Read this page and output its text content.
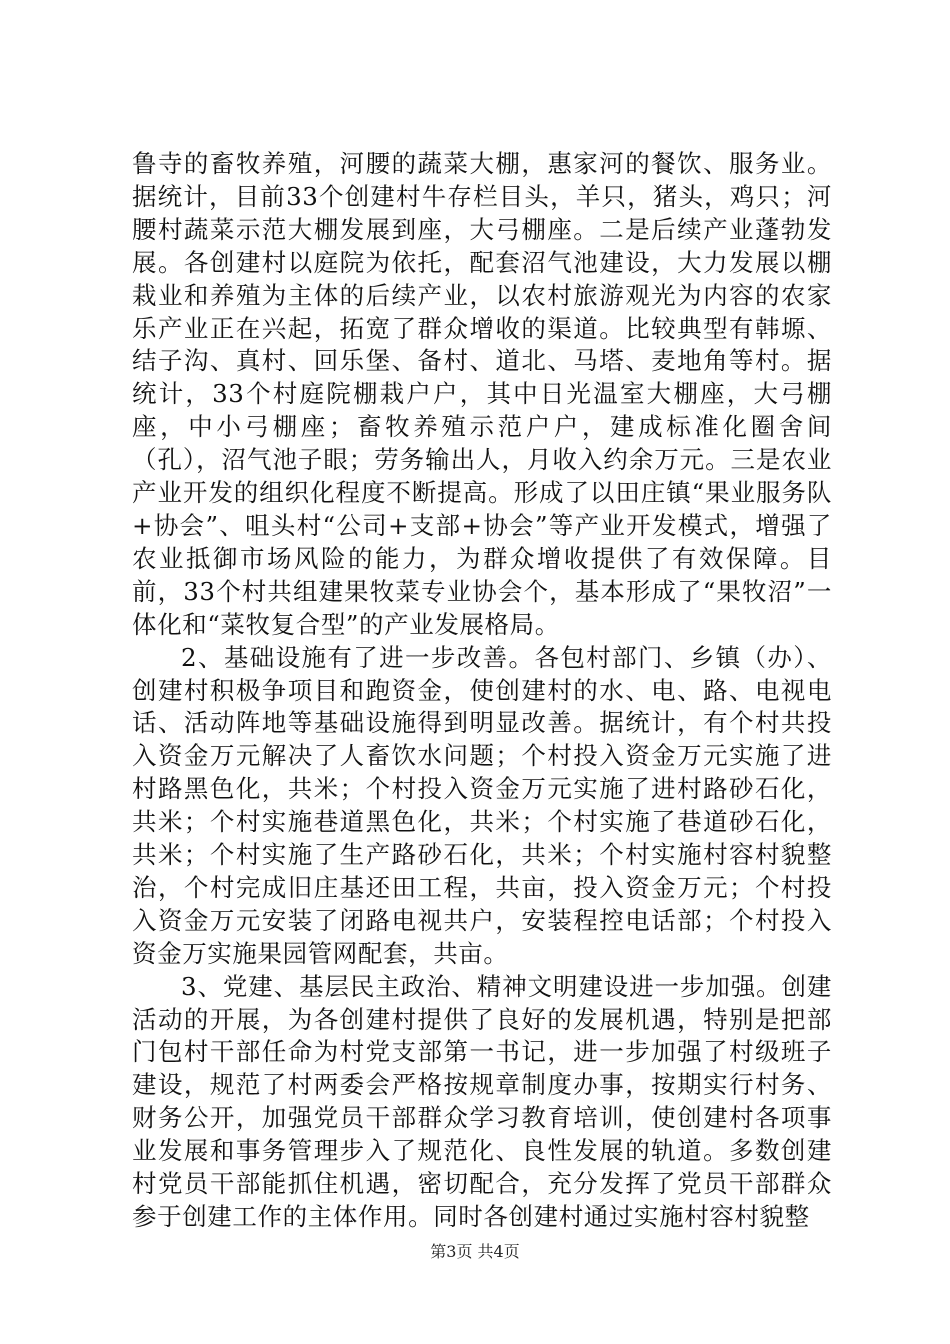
鲁寺的畜牧养殖，河腰的蔬菜大棚，惠家河的餐饮、服务业。据统计，目前33个创建村牛存栏目头，羊只，猪头，鸡只；河腰村蔬菜示范大棚发展到座，大弓棚座。二是后续产业蓬勃发展。各创建村以庭院为依托，配套沼气池建设，大力发展以棚栽业和养殖为主体的后续产业，以农村旅游观光为内容的农家乐产业正在兴起，拓宽了群众增收的渠道。比较典型有韩塬、结子沟、真村、回乐堡、备村、道北、马塔、麦地角等村。据统计，33个村庭院棚栽户户，其中日光温室大棚座，大弓棚座，中小弓棚座；畜牧养殖示范户户，建成标准化圈舍间（孔），沼气池子眼；劳务输出人，月收入约余万元。三是农业产业开发的组织化程度不断提高。形成了以田庄镇“果业服务队+协会”、咀头村“公司+支部+协会”等产业开发模式，增强了农业抵御市场风险的能力，为群众增收提供了有效保障。目前，33个村共组建果牧菜专业协会个，基本形成了“果牧沼”一体化和“菜牧复合型”的产业发展格局。

2、基础设施有了进一步改善。各包村部门、乡镇（办）、创建村积极争项目和跑资金，使创建村的水、电、路、电视电话、活动阵地等基础设施得到明显改善。据统计，有个村共投入资金万元解决了人畜饮水问题；个村投入资金万元实施了进村路黑色化，共米；个村投入资金万元实施了进村路砂石化，共米；个村实施巷道黑色化，共米；个村实施了巷道砂石化，共米；个村实施了生产路砂石化，共米；个村实施村容村貌整治，个村完成旧庄基还田工程，共亩，投入资金万元；个村投入资金万元安装了闭路电视共户，安装程控电话部；个村投入资金万实施果园管网配套，共亩。

3、党建、基层民主政治、精神文明建设进一步加强。创建活动的开展，为各创建村提供了良好的发展机遇，特别是把部门包村干部任命为村党支部第一书记，进一步加强了村级班子建设，规范了村两委会严格按规章制度办事，按期实行村务、财务公开，加强党员干部群众学习教育培训，使创建村各项事业发展和事务管理步入了规范化、良性发展的轨道。多数创建村党员干部能抓住机遇，密切配合，充分发挥了党员干部群众参于创建工作的主体作用。同时各创建村通过实施村容村貌整

第3页 共4页
